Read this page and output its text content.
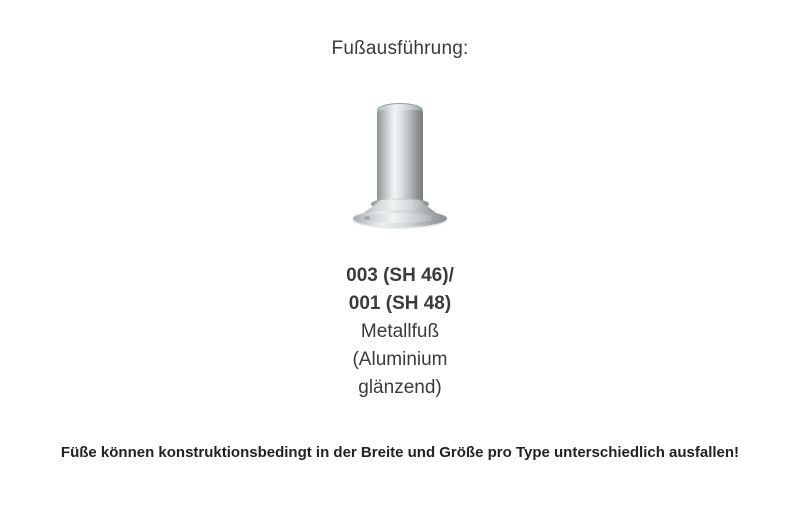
Fußausführung:
003 (SH 46)/
001 (SH 48)
Metallfuß
(Aluminium
glänzend)
Füße können konstruktionsbedingt in der Breite und Größe pro Type unterschiedlich ausfallen!
